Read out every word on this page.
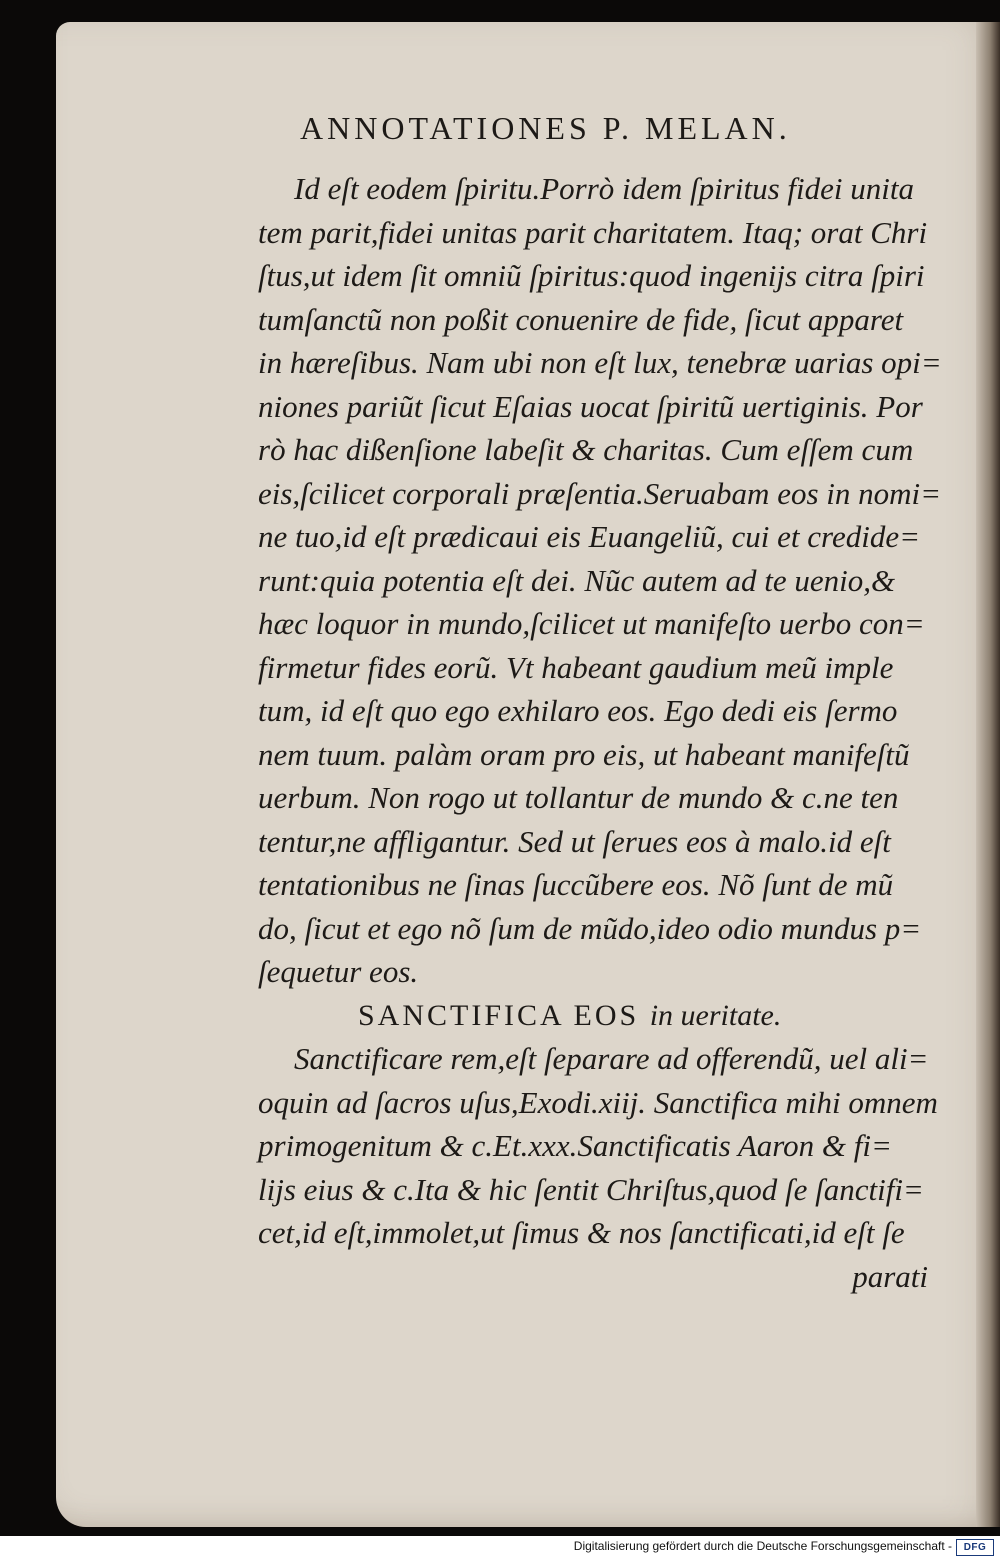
ANNOTATIONES P. MELAN.
Id eſt eodem ſpiritu.Porrò idem ſpiritus fidei unita
tem parit,fidei unitas parit charitatem. Itaq; orat Chri
ſtus,ut idem ſit omniũ ſpiritus:quod ingenijs citra ſpiri
tumſanctũ non poßit conuenire de fide, ſicut apparet
in hæreſibus. Nam ubi non eſt lux, tenebræ uarias opi=
niones pariũt ſicut Eſaias uocat ſpiritũ uertiginis. Por
rò hac dißenſione labeſit & charitas. Cum eſſem cum
eis,ſcilicet corporali præſentia.Seruabam eos in nomi=
ne tuo,id eſt prædicaui eis Euangeliũ, cui et credide=
runt:quia potentia eſt dei. Nũc autem ad te uenio,&
hæc loquor in mundo,ſcilicet ut manifeſto uerbo con=
firmetur fides eorũ. Vt habeant gaudium meũ imple
tum, id eſt quo ego exhilaro eos. Ego dedi eis ſermo
nem tuum. palàm oram pro eis, ut habeant manifeſtũ
uerbum. Non rogo ut tollantur de mundo & c.ne ten
tentur,ne affligantur. Sed ut ſerues eos à malo.id eſt
tentationibus ne ſinas ſuccũbere eos. Nõ ſunt de mũ
do, ſicut et ego nõ ſum de mũdo,ideo odio mundus p=
ſequetur eos.
SANCTIFICA EOS in ueritate.
Sanctificare rem,eſt ſeparare ad offerendũ, uel ali=
oquin ad ſacros uſus,Exodi.xiij. Sanctifica mihi omnem
primogenitum & c.Et.xxx.Sanctificatis Aaron & fi=
lijs eius & c.Ita & hic ſentit Chriſtus,quod ſe ſanctifi=
cet,id eſt,immolet,ut ſimus & nos ſanctificati,id eſt ſe
parati
Digitalisierung gefördert durch die Deutsche Forschungsgemeinschaft -	DFG
